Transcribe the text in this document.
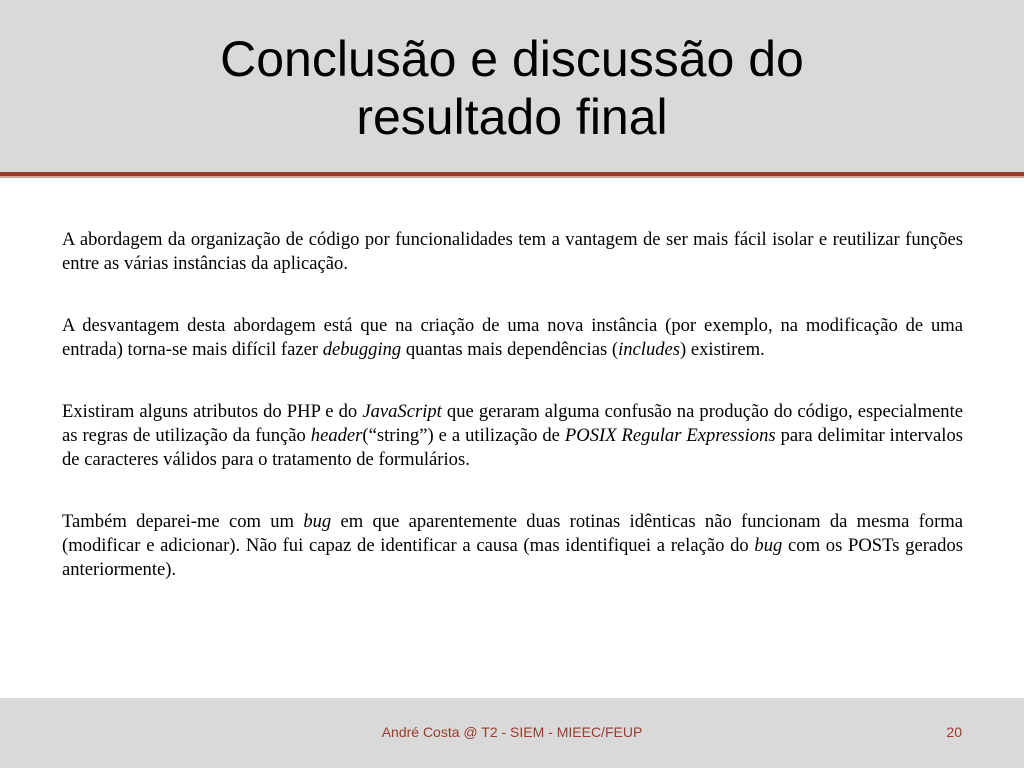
Conclusão e discussão do
resultado final

A abordagem da organização de código por funcionalidades tem a vantagem de ser mais fácil isolar e reutilizar funções entre as várias instâncias da aplicação.

A desvantagem desta abordagem está que na criação de uma nova instância (por exemplo, na modificação de uma entrada) torna-se mais difícil fazer debugging quantas mais dependências (includes) existirem.

Existiram alguns atributos do PHP e do JavaScript que geraram alguma confusão na produção do código, especialmente as regras de utilização da função header(“string”) e a utilização de POSIX Regular Expressions para delimitar intervalos de caracteres válidos para o tratamento de formulários.

Também deparei-me com um bug em que aparentemente duas rotinas idênticas não funcionam da mesma forma (modificar e adicionar). Não fui capaz de identificar a causa (mas identifiquei a relação do bug com os POSTs gerados anteriormente).

André Costa @ T2 - SIEM - MIEEC/FEUP	20
